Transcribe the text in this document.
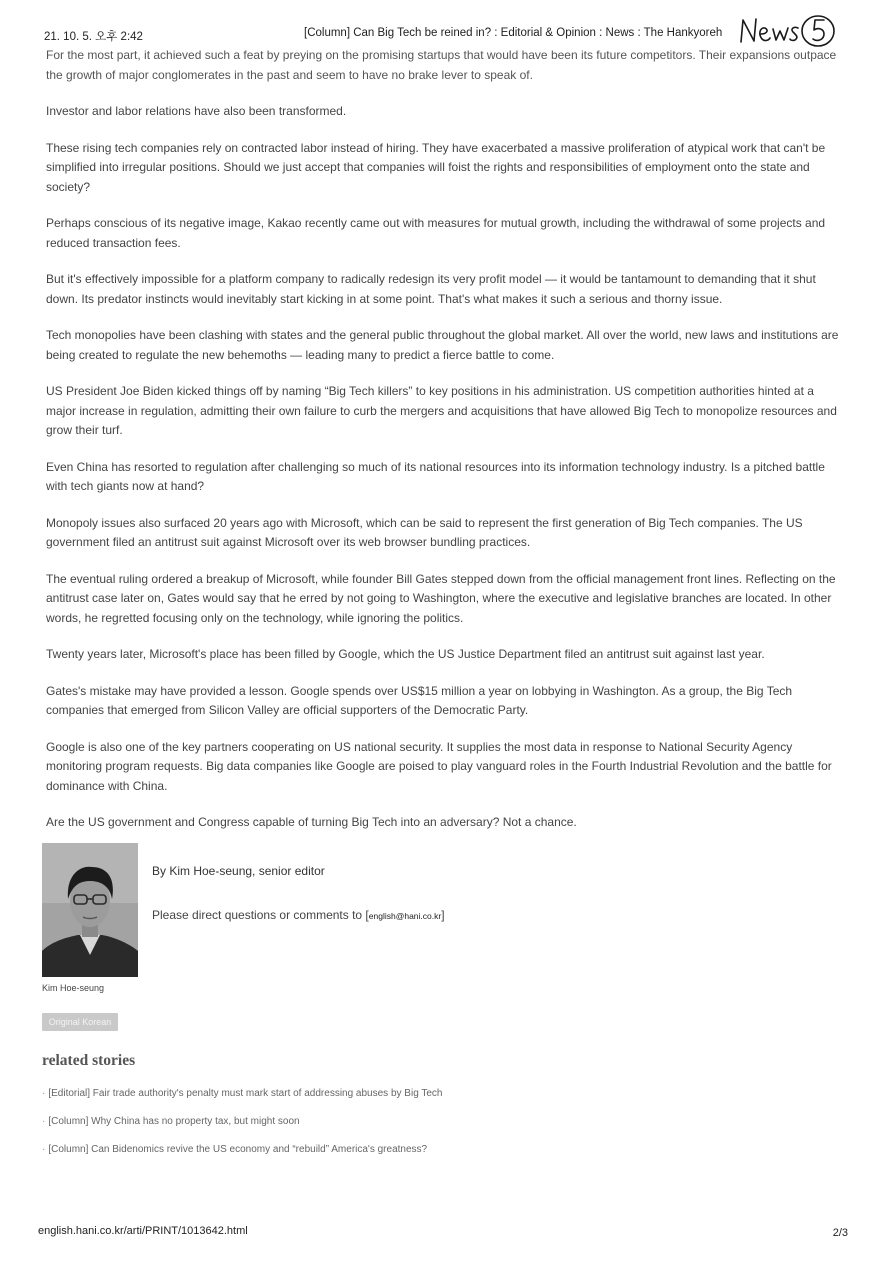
21. 10. 5. 오후 2:42	[Column] Can Big Tech be reined in? : Editorial & Opinion : News : The Hankyoreh

For the most part, it achieved such a feat by preying on the promising startups that would have been its future competitors. Their expansions outpace the growth of major conglomerates in the past and seem to have no brake lever to speak of.

Investor and labor relations have also been transformed.

These rising tech companies rely on contracted labor instead of hiring. They have exacerbated a massive proliferation of atypical work that can't be simplified into irregular positions. Should we just accept that companies will foist the rights and responsibilities of employment onto the state and society?

Perhaps conscious of its negative image, Kakao recently came out with measures for mutual growth, including the withdrawal of some projects and reduced transaction fees.

But it's effectively impossible for a platform company to radically redesign its very profit model — it would be tantamount to demanding that it shut down. Its predator instincts would inevitably start kicking in at some point. That's what makes it such a serious and thorny issue.

Tech monopolies have been clashing with states and the general public throughout the global market. All over the world, new laws and institutions are being created to regulate the new behemoths — leading many to predict a fierce battle to come.

US President Joe Biden kicked things off by naming “Big Tech killers” to key positions in his administration. US competition authorities hinted at a major increase in regulation, admitting their own failure to curb the mergers and acquisitions that have allowed Big Tech to monopolize resources and grow their turf.

Even China has resorted to regulation after challenging so much of its national resources into its information technology industry. Is a pitched battle with tech giants now at hand?

Monopoly issues also surfaced 20 years ago with Microsoft, which can be said to represent the first generation of Big Tech companies. The US government filed an antitrust suit against Microsoft over its web browser bundling practices.

The eventual ruling ordered a breakup of Microsoft, while founder Bill Gates stepped down from the official management front lines. Reflecting on the antitrust case later on, Gates would say that he erred by not going to Washington, where the executive and legislative branches are located. In other words, he regretted focusing only on the technology, while ignoring the politics.

Twenty years later, Microsoft's place has been filled by Google, which the US Justice Department filed an antitrust suit against last year.

Gates's mistake may have provided a lesson. Google spends over US$15 million a year on lobbying in Washington. As a group, the Big Tech companies that emerged from Silicon Valley are official supporters of the Democratic Party.

Google is also one of the key partners cooperating on US national security. It supplies the most data in response to National Security Agency monitoring program requests. Big data companies like Google are poised to play vanguard roles in the Fourth Industrial Revolution and the battle for dominance with China.

Are the US government and Congress capable of turning Big Tech into an adversary? Not a chance.

Kim Hoe-seung
By Kim Hoe-seung, senior editor
Please direct questions or comments to [english@hani.co.kr]
Original Korean
related stories
· [Editorial] Fair trade authority's penalty must mark start of addressing abuses by Big Tech
· [Column] Why China has no property tax, but might soon
· [Column] Can Bidenomics revive the US economy and “rebuild” America's greatness?
english.hani.co.kr/arti/PRINT/1013642.html	2/3
